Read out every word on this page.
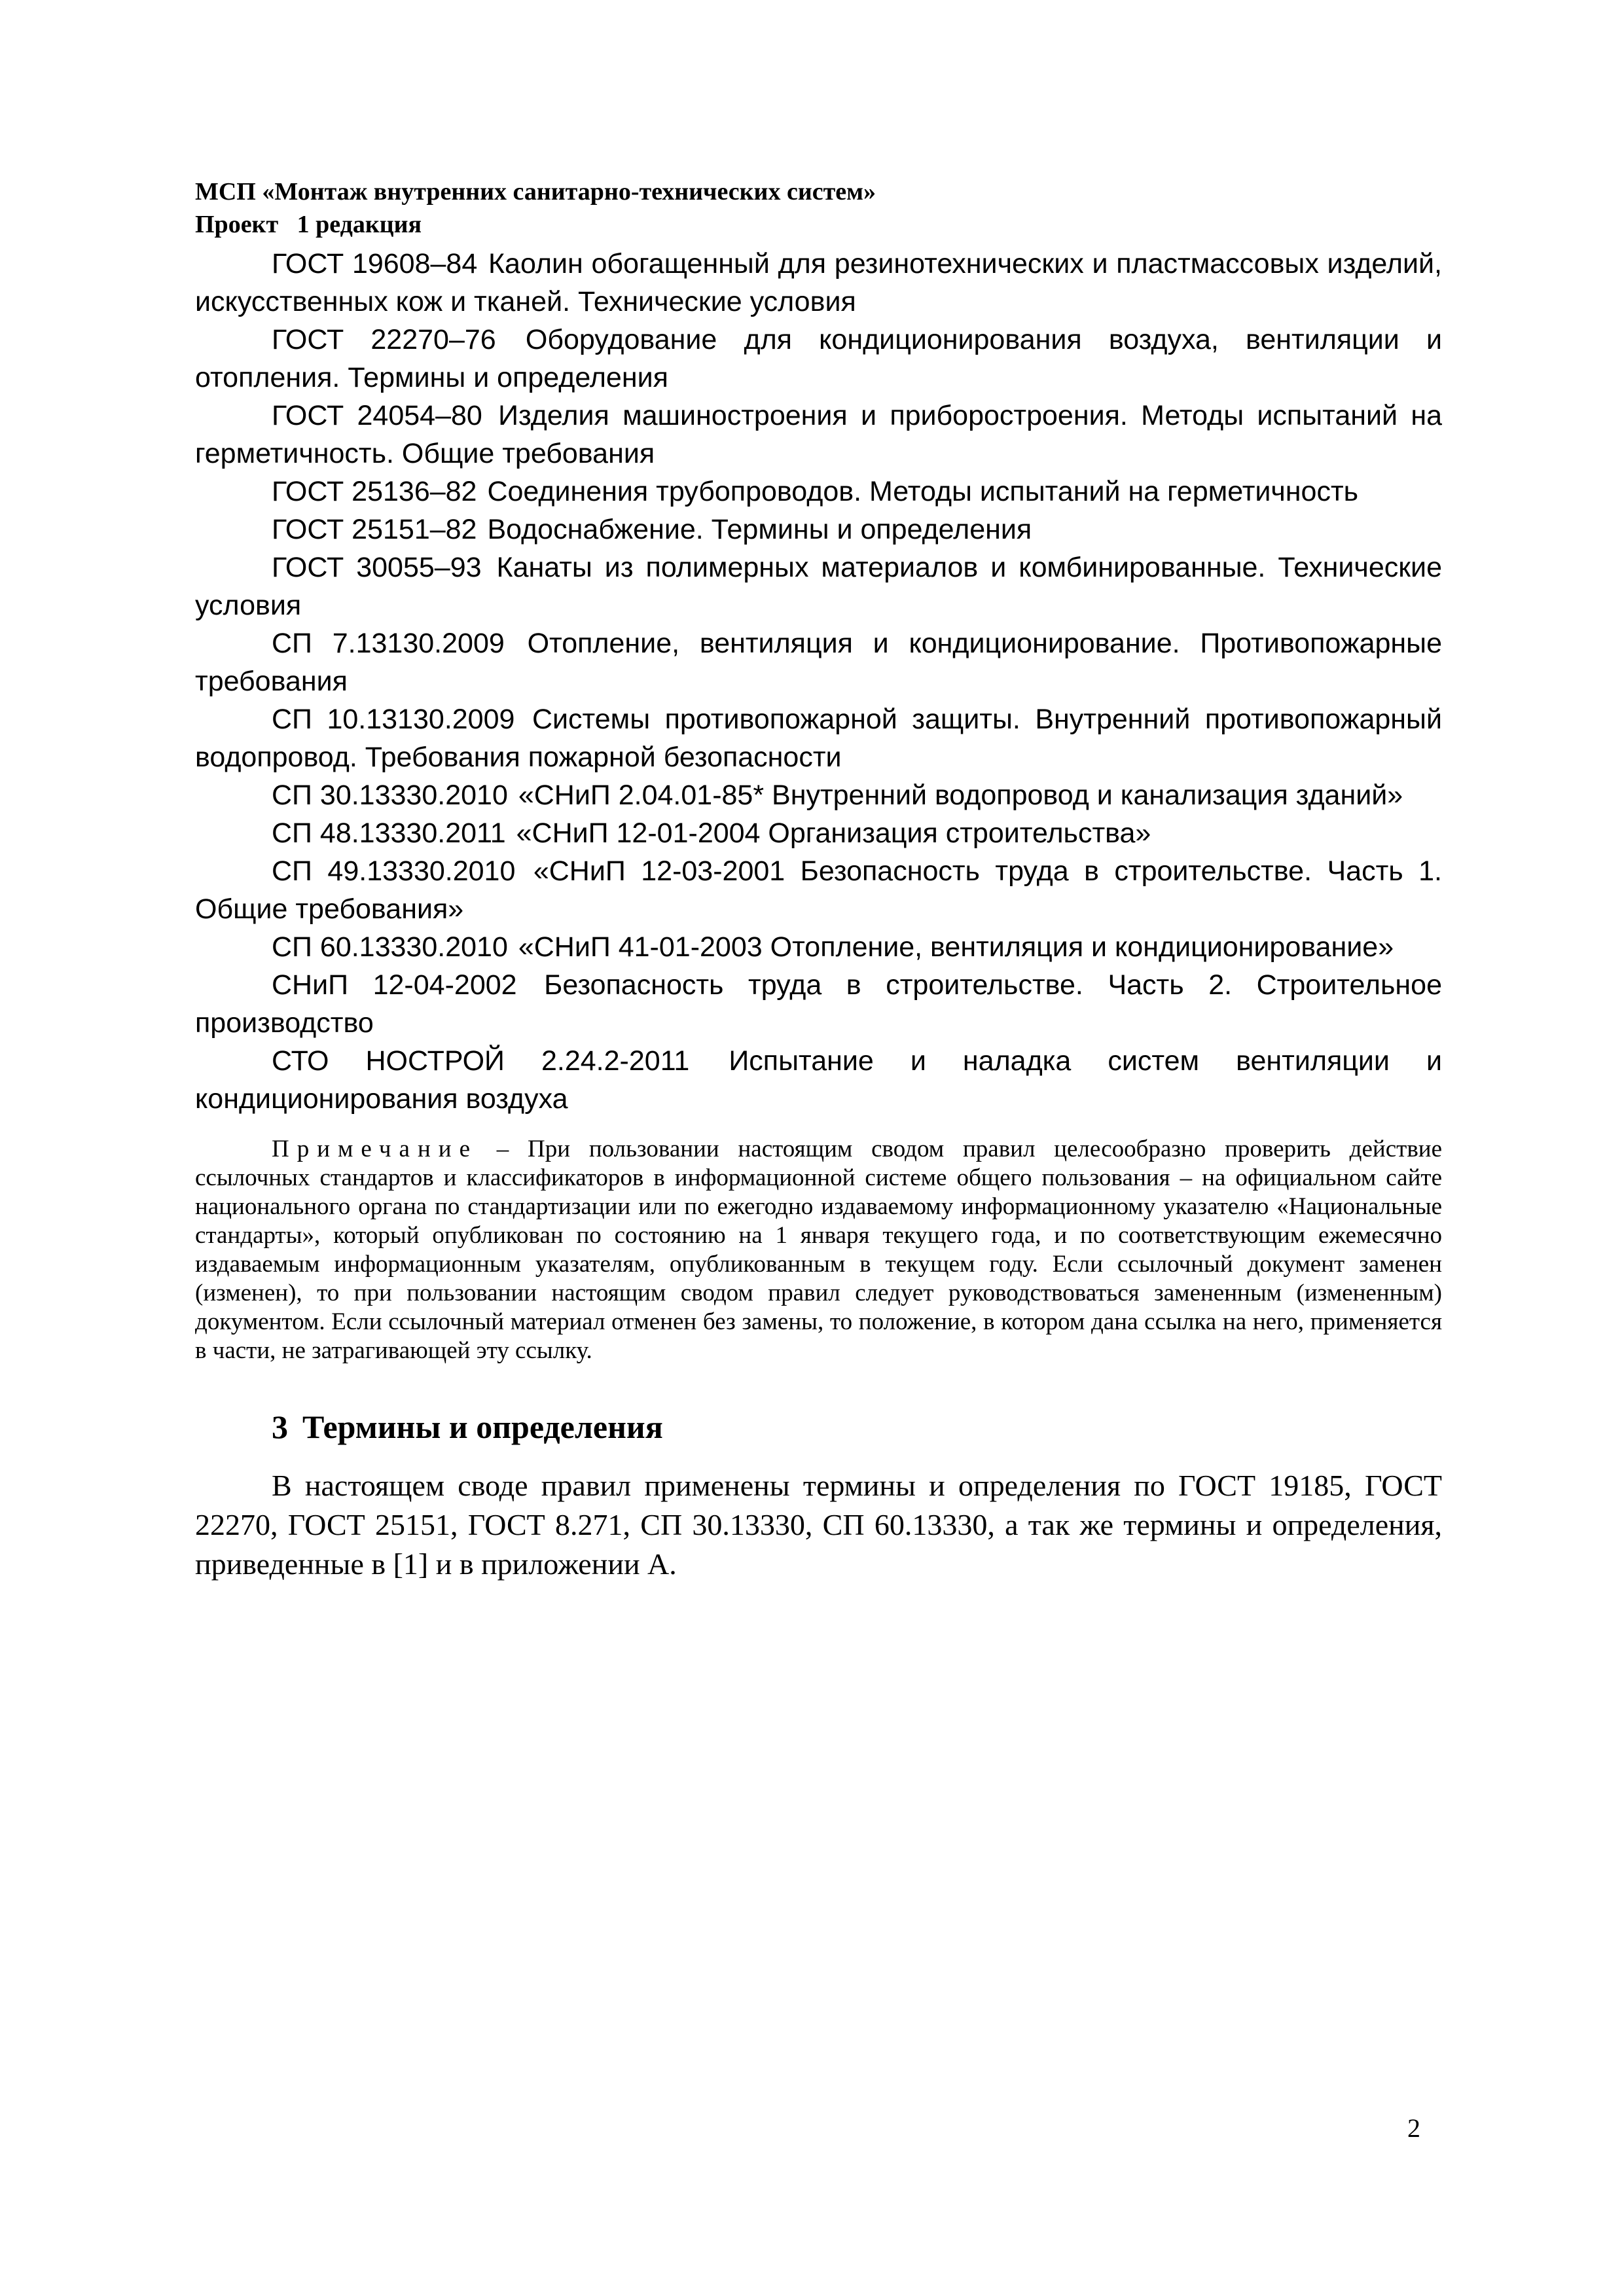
МСП «Монтаж внутренних санитарно-технических систем»

Проект   1 редакция

ГОСТ 19608–84 Каолин обогащенный для резинотехнических и пластмассовых изделий, искусственных кож и тканей. Технические условия

ГОСТ 22270–76 Оборудование для кондиционирования воздуха, вентиляции и отопления. Термины и определения

ГОСТ 24054–80 Изделия машиностроения и приборостроения. Методы испытаний на герметичность. Общие требования

ГОСТ 25136–82 Соединения трубопроводов. Методы испытаний на герметичность

ГОСТ 25151–82 Водоснабжение. Термины и определения

ГОСТ 30055–93 Канаты из полимерных материалов и комбинированные. Технические условия

СП 7.13130.2009 Отопление, вентиляция и кондиционирование. Противопожарные требования

СП 10.13130.2009 Системы противопожарной защиты. Внутренний противопожарный водопровод. Требования пожарной безопасности

СП 30.13330.2010 «СНиП 2.04.01-85* Внутренний водопровод и канализация зданий»

СП 48.13330.2011 «СНиП 12-01-2004 Организация строительства»

СП 49.13330.2010 «СНиП 12-03-2001 Безопасность труда в строительстве. Часть 1. Общие требования»

СП 60.13330.2010 «СНиП 41-01-2003 Отопление, вентиляция и кондиционирование»

СНиП 12-04-2002 Безопасность труда в строительстве. Часть 2. Строительное производство

СТО НОСТРОЙ 2.24.2-2011 Испытание и наладка систем вентиляции и кондиционирования воздуха

Примечание – При пользовании настоящим сводом правил целесообразно проверить действие ссылочных стандартов и классификаторов в информационной системе общего пользования – на официальном сайте национального органа по стандартизации или по ежегодно издаваемому информационному указателю «Национальные стандарты», который опубликован по состоянию на 1 января текущего года, и по соответствующим ежемесячно издаваемым информационным указателям, опубликованным в текущем году. Если ссылочный документ заменен (изменен), то при пользовании настоящим сводом правил следует руководствоваться замененным (измененным) документом. Если ссылочный материал отменен без замены, то положение, в котором дана ссылка на него, применяется в части, не затрагивающей эту ссылку.

3 Термины и определения

В настоящем своде правил применены термины и определения по ГОСТ 19185, ГОСТ 22270, ГОСТ 25151, ГОСТ 8.271, СП 30.13330, СП 60.13330, а так же термины и определения, приведенные в [1] и в приложении А.

2
